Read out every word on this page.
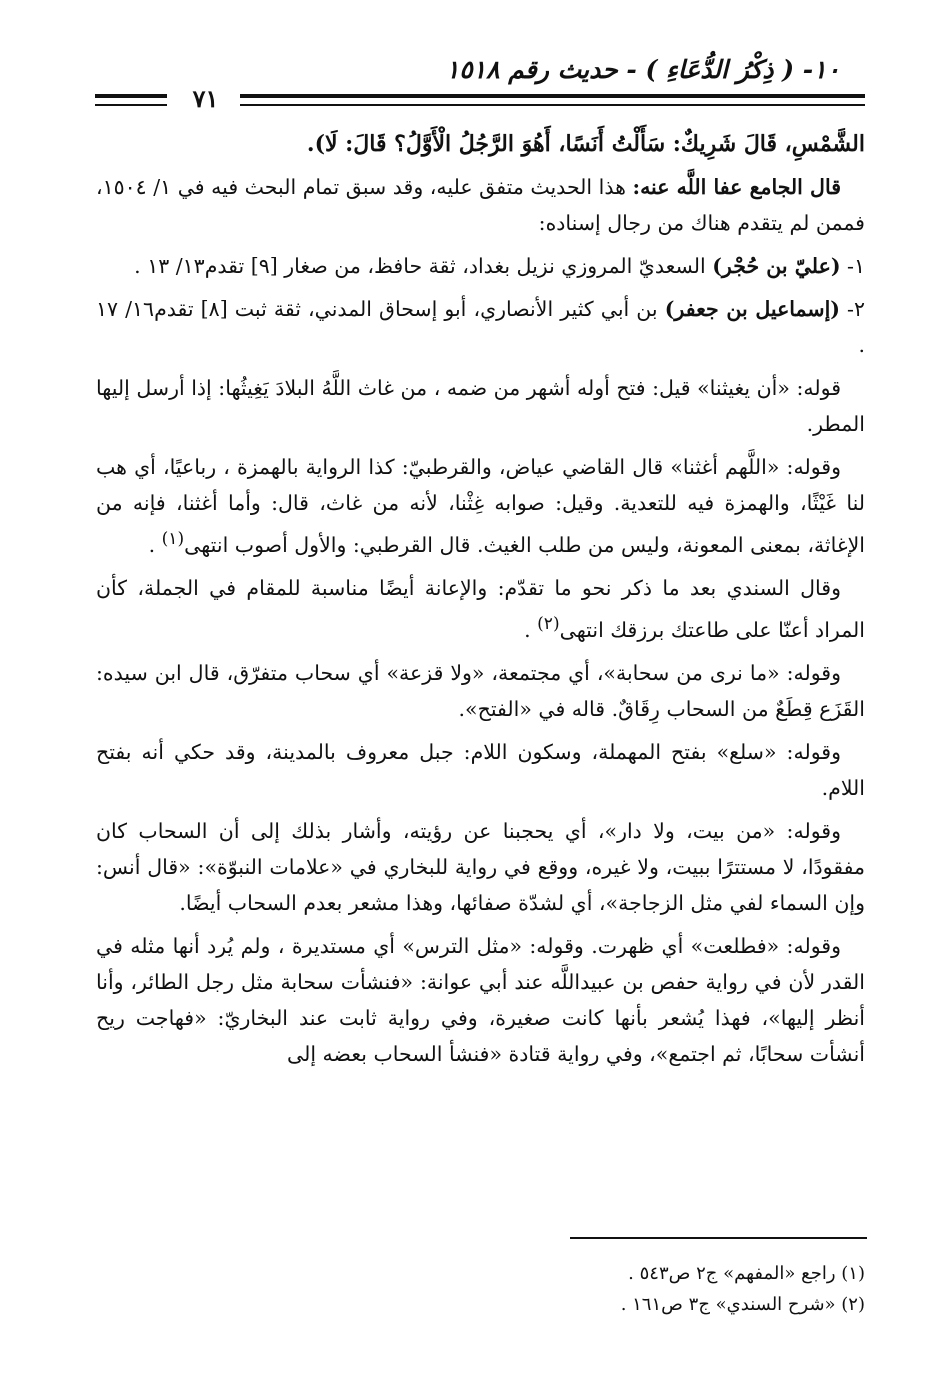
١٠- ( ذِكْرُ الدُّعَاءِ ) - حديث رقم ١٥١٨
٧١

الشَّمْسِ، قَالَ شَرِيكٌ: سَأَلْتُ أَنَسًا، أَهُوَ الرَّجُلُ الْأَوَّلُ؟ قَالَ: لَا).

قال الجامع عفا اللَّه عنه: هذا الحديث متفق عليه، وقد سبق تمام البحث فيه في ١/ ١٥٠٤، فممن لم يتقدم هناك من رجال إسناده:

١- (عليّ بن حُجْر) السعديّ المروزي نزيل بغداد، ثقة حافظ، من صغار [٩] تقدم١٣/ ١٣ .

٢- (إسماعيل بن جعفر) بن أبي كثير الأنصاري، أبو إسحاق المدني، ثقة ثبت [٨] تقدم١٦/ ١٧ .

قوله: «أن يغيثنا» قيل: فتح أوله أشهر من ضمه ، من غاث اللَّهُ البلادَ يَغِيثُها: إذا أرسل إليها المطر.

وقوله: «اللَّهم أغثنا» قال القاضي عياض، والقرطبيّ: كذا الرواية بالهمزة ، رباعيًا، أي هب لنا غَيْثًا، والهمزة فيه للتعدية. وقيل: صوابه غِثْنا، لأنه من غاث، قال: وأما أغثنا، فإنه من الإغاثة، بمعنى المعونة، وليس من طلب الغيث. قال القرطبي: والأول أصوب انتهى$^{(١)}$ .

وقال السندي بعد ما ذكر نحو ما تقدّم: والإعانة أيضًا مناسبة للمقام في الجملة، كأن المراد أعنّا على طاعتك برزقك انتهى$^{(٢)}$ .

وقوله: «ما نرى من سحابة»، أي مجتمعة، «ولا قزعة» أي سحاب متفرّق، قال ابن سيده: القَزَع قِطَعٌ من السحاب رِقَاقٌ. قاله في «الفتح».

وقوله: «سلع» بفتح المهملة، وسكون اللام: جبل معروف بالمدينة، وقد حكي أنه بفتح اللام.

وقوله: «من بيت، ولا دار»، أي يحجبنا عن رؤيته، وأشار بذلك إلى أن السحاب كان مفقودًا، لا مستترًا ببيت، ولا غيره، ووقع في رواية للبخاري في «علامات النبوّة»: «قال أنس: وإن السماء لفي مثل الزجاجة»، أي لشدّة صفائها، وهذا مشعر بعدم السحاب أيضًا.

وقوله: «فطلعت» أي ظهرت. وقوله: «مثل الترس» أي مستديرة ، ولم يُرد أنها مثله في القدر لأن في رواية حفص بن عبيداللَّه عند أبي عوانة: «فنشأت سحابة مثل رجل الطائر، وأنا أنظر إليها»، فهذا يُشعر بأنها كانت صغيرة، وفي رواية ثابت عند البخاريّ: «فهاجت ريح أنشأت سحابًا، ثم اجتمع»، وفي رواية قتادة «فنشأ السحاب بعضه إلى

(١) راجع «المفهم» ج٢ ص٥٤٣ .
(٢) «شرح السندي» ج٣ ص١٦١ .
